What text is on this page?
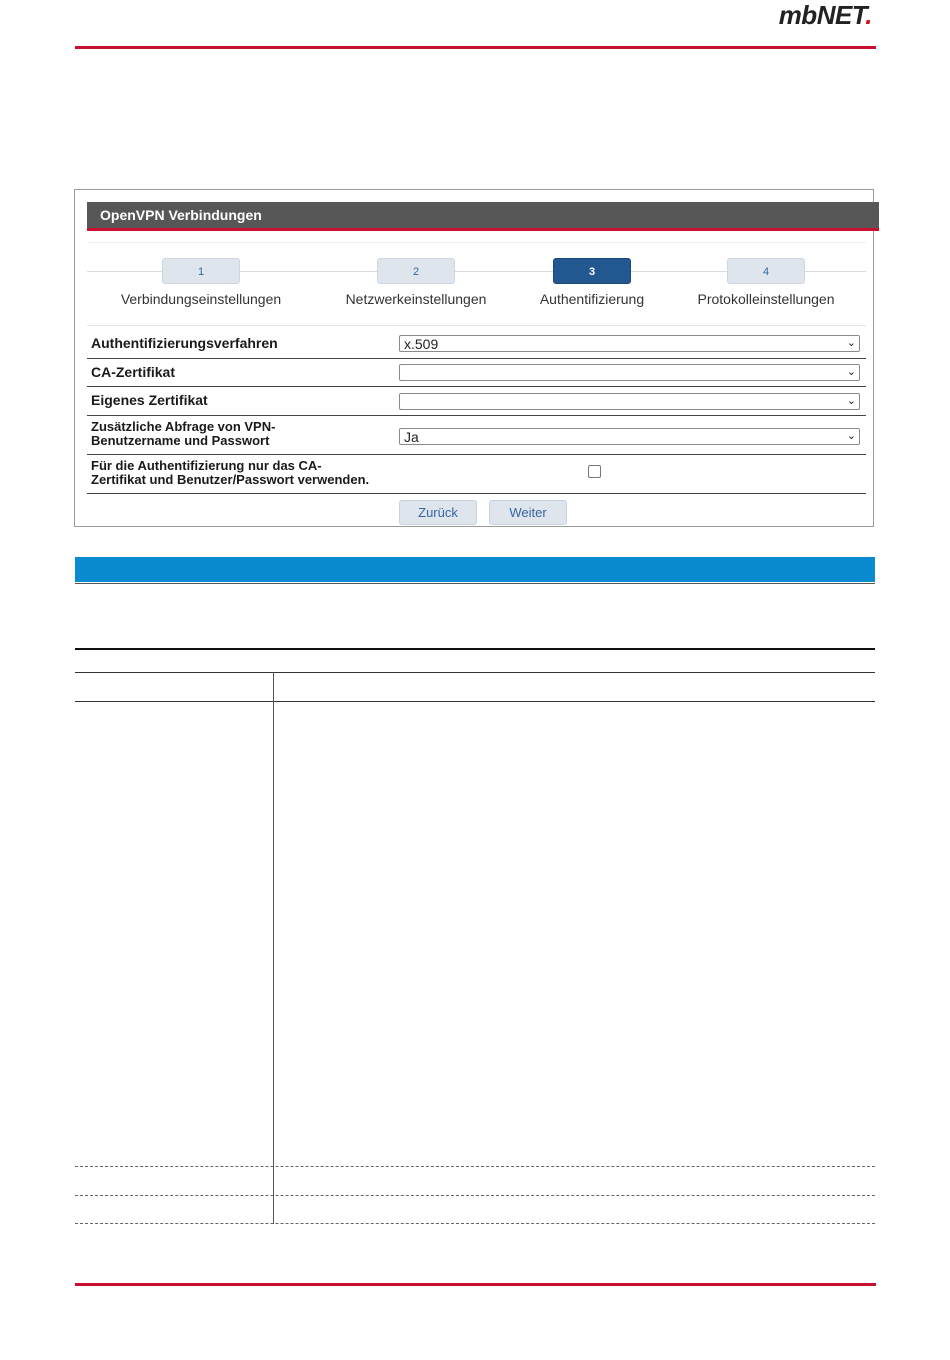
mbNET.
OpenVPN Verbindungen
1
Verbindungseinstellungen
2
Netzwerkeinstellungen
3
Authentifizierung
4
Protokolleinstellungen
Authentifizierungsverfahren	x.509	⌄
CA-Zertifikat	⌄
Eigenes Zertifikat	⌄
Zusätzliche Abfrage von VPN-
Benutzername und Passwort	Ja	⌄
Für die Authentifizierung nur das CA-
Zertifikat und Benutzer/Passwort verwenden.
Zurück	Weiter
